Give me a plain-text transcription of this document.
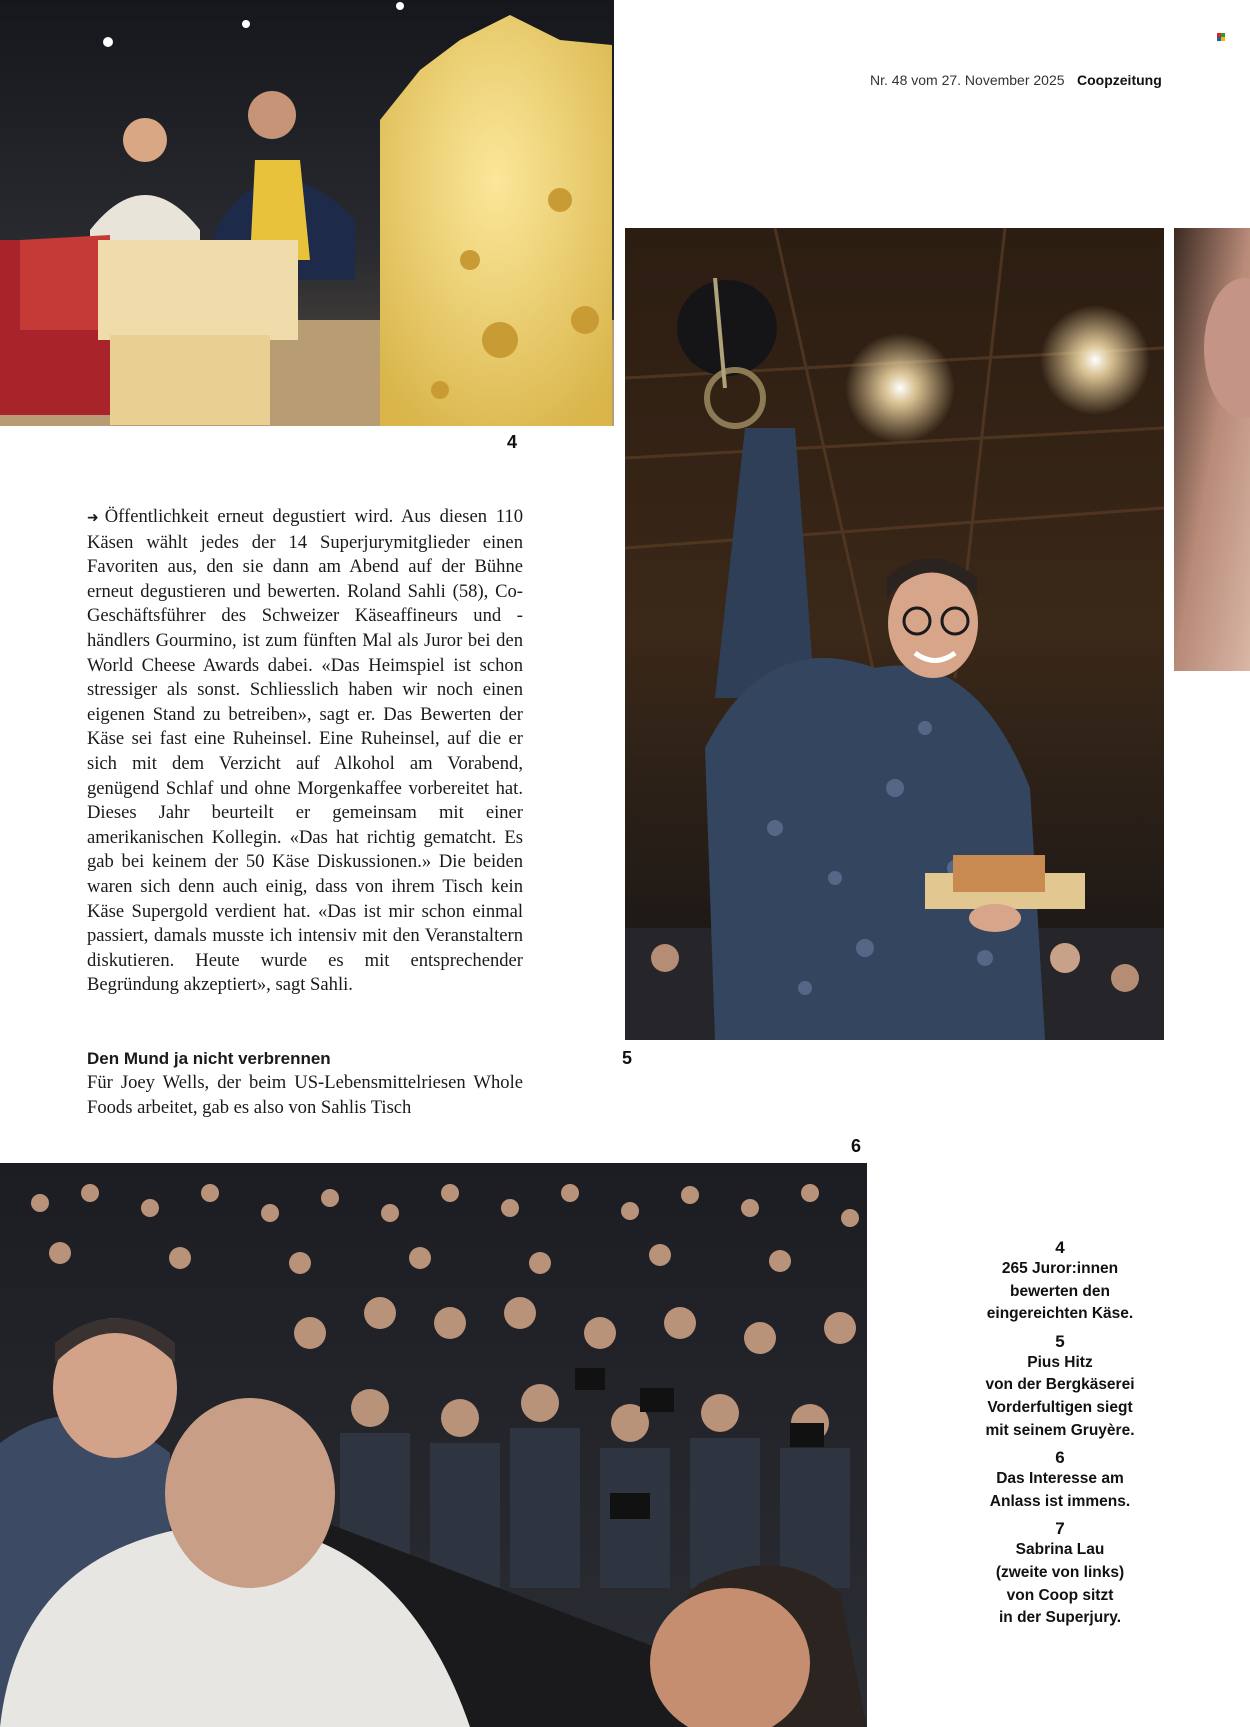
Nr. 48 vom 27. November 2025 Coopzeitung
4
5
➜ Öffentlichkeit erneut degustiert wird. Aus diesen 110 Käsen wählt jedes der 14 Superjurymitglieder einen Favoriten aus, den sie dann am Abend auf der Bühne erneut degustieren und bewerten. Roland Sahli (58), Co-Geschäftsführer des Schweizer Käseaffineurs und -händlers Gourmino, ist zum fünften Mal als Juror bei den World Cheese Awards dabei. «Das Heimspiel ist schon stressiger als sonst. Schliesslich haben wir noch einen eigenen Stand zu betreiben», sagt er. Das Bewerten der Käse sei fast eine Ruheinsel. Eine Ruheinsel, auf die er sich mit dem Verzicht auf Alkohol am Vorabend, genügend Schlaf und ohne Morgenkaffee vorbereitet hat. Dieses Jahr beurteilt er gemeinsam mit einer amerikanischen Kollegin. «Das hat richtig gematcht. Es gab bei keinem der 50 Käse Diskussionen.» Die beiden waren sich denn auch einig, dass von ihrem Tisch kein Käse Supergold verdient hat. «Das ist mir schon einmal passiert, damals musste ich intensiv mit den Veranstaltern diskutieren. Heute wurde es mit entsprechender Begründung akzeptiert», sagt Sahli.
Den Mund ja nicht verbrennen
Für Joey Wells, der beim US-Lebensmittelriesen Whole Foods arbeitet, gab es also von Sahlis Tisch
6
4
265 Juror:innen
bewerten den
eingereichten Käse.
5
Pius Hitz
von der Bergkäserei
Vorderfultigen siegt
mit seinem Gruyère.
6
Das Interesse am
Anlass ist immens.
7
Sabrina Lau
(zweite von links)
von Coop sitzt
in der Superjury.
